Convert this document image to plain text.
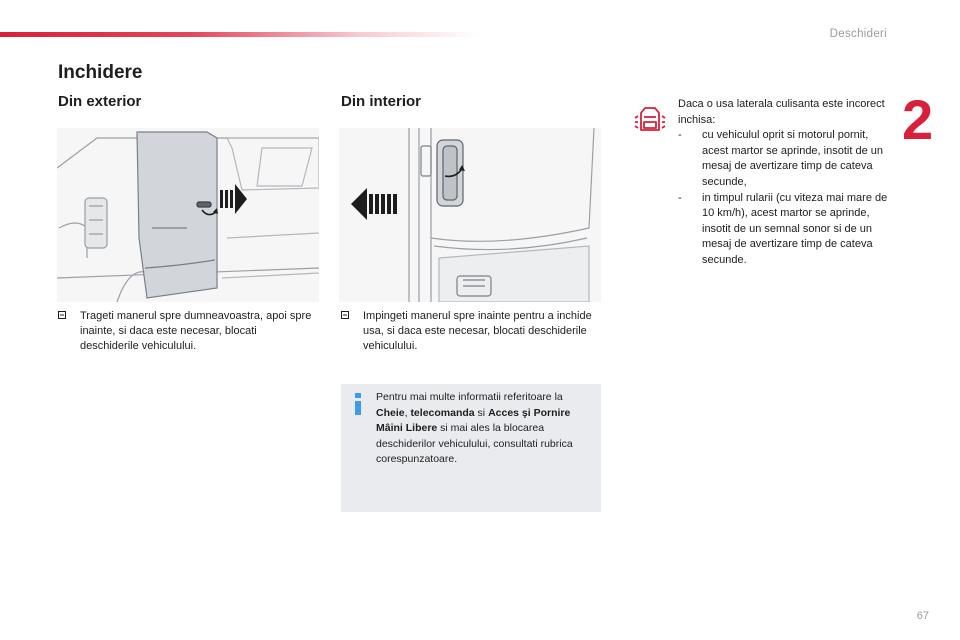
Deschideri
2
Inchidere
Din exterior
Trageti manerul spre dumneavoastra, apoi spre inainte, si daca este necesar, blocati deschiderile vehiculului.
Din interior
Impingeti manerul spre inainte pentru a inchide usa, si daca este necesar, blocati deschiderile vehiculului.
Pentru mai multe informatii referitoare la Cheie, telecomanda si Acces şi Pornire Mâini Libere si mai ales la blocarea deschiderilor vehiculului, consultati rubrica corespunzatoare.
Daca o usa laterala culisanta este incorect inchisa:
- cu vehiculul oprit si motorul pornit, acest martor se aprinde, insotit de un mesaj de avertizare timp de cateva secunde,
- in timpul rularii (cu viteza mai mare de 10 km/h), acest martor se aprinde, insotit de un semnal sonor si de un mesaj de avertizare timp de cateva secunde.
67
